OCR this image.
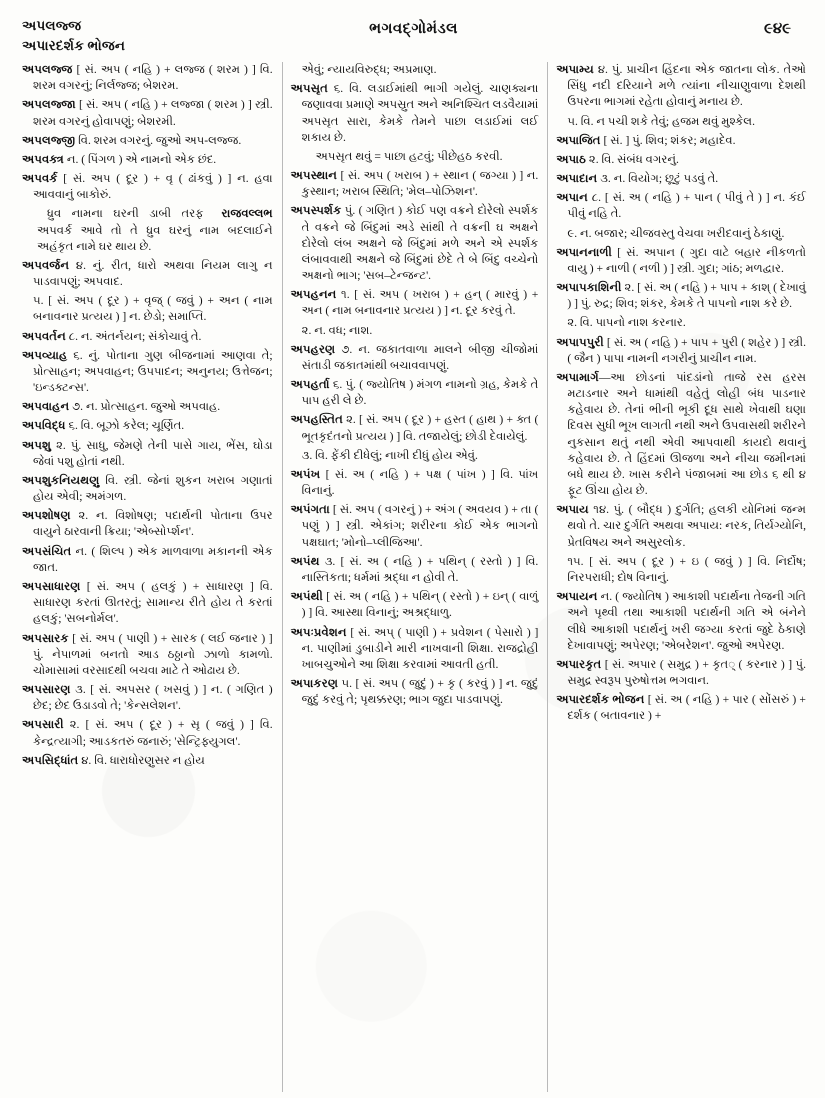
અપલજ્જ
અપારદર્શક ભોજન
ભગવદ્ગોમંડલ	૯૪૯

અપલજ્જ [ સં. અપ ( નહિ ) + લજ્જ ( શરમ ) ] વિ. શરમ વગરનું; નિર્લજ્જ; બેશરમ.

અપલજ્જા [ સં. અપ ( નહિ ) + લજ્જા ( શરમ ) ] સ્ત્રી. શરમ વગરનું હોવાપણું; બેશરમી.

અપલજ્જી વિ. શરમ વગરનું. જુઓ અપ-લજ્જ.

અપવક્ત્ર ન. ( પિંગળ ) એ નામનો એક છંદ.

અપવર્ક [ સં. અપ ( દૂર ) + વૃ ( ઢાંકવું ) ] ન. હવા આવવાનું બાકોરું.

રાજવલ્લભ
ધ્રુવ નામના ઘરની ડાબી તરફ અપવર્ક આવે તો તે ધ્રુવ ઘરનું નામ બદલાઈને અહંકૃત નામે ઘર થાય છે.

અપવર્જન ૪. નું. રીત, ધારો અથવા નિયમ લાગુ ન પાડવાપણું; અપવાદ.

૫. [ સં. અપ ( દૂર ) + વૃજ્ ( જવું ) + અન ( નામ બનાવનાર પ્રત્યય ) ] ન. છેડો; સમાપ્તિ.

અપવર્તન ૮. ન. અંતર્નયન; સંકોચાવું તે.

અપવ્યાહ ૬. નું. પોતાના ગુણ બીજનામાં આણવા તે; પ્રોત્સાહન; અપવાહન; ઉપપાદન; અનુનય; ઉત્તેજન; 'ઇન્ડક્ટન્સ'.

અપવાહન ૭. ન. પ્રોત્સાહન. જુઓ અપવાહ.

અપવિદ્ધ ૬. વિ. બૂઝો કરેલ; ચૂર્ણિત.

અપશુ ૨. પું. સાધુ, જેમણે તેની પાસે ગાય, ભેંસ, ઘોડા જેવાં પશુ હોતાં નથી.

અપશુકનિયથણુ વિ. સ્ત્રી. જેનાં શુકન ખરાબ ગણાતાં હોય એવી; અમંગળ.

અપશોષણ ૨. ન. વિશોષણ; પદાર્થની પોતાના ઉપર વાયુને ઠારવાની ક્રિયા; 'એબ્સોર્પ્શન'.

અપસંચિત ન. ( શિલ્પ ) એક માળવાળા મકાનની એક જાત.

અપસાધારણ [ સં. અપ ( હલકું ) + સાધારણ ] વિ. સાધારણ કરતાં ઊતરતું; સામાન્ય રીતે હોય તે કરતાં હલકું; 'સબનોર્મલ'.

અપસારક [ સં. અપ ( પાણી ) + સારક ( લઈ જનાર ) ] પું. નેપાળમાં બનતો આડ ઠઠ્ઠાનો ઝાળો કામળો. ચોમાસામાં વરસાદથી બચવા માટે તે ઓઢાય છે.

અપસારણ ૩. [ સં. અપસર ( ખસવું ) ] ન. ( ગણિત ) છેદ; છેદ ઉડાડવો તે; 'કેન્સલેશન'.

અપસારી ૨. [ સં. અપ ( દૂર ) + સૃ ( જવું ) ] વિ. કેન્દ્રત્યાગી; આડકતરું જનારું; 'સેન્ટ્રિફ્યુગલ'.

અપસિદ્ધાંત ૪. વિ. ધારાધોરણુસર ન હોય

એવું; ન્યાયવિરુદ્ધ; અપ્રમાણ.

અપસૃત ૬. વિ. લડાઈમાંથી ભાગી ગયેલું. ચાણક્યના જણાવવા પ્રમાણે અપસ્રુત અને અનિશ્ચિત લડવૈયામાં અપસૃત સારા, કેમકે તેમને પાછા લડાઈમાં લઈ શકાય છે.

અપસૃત થવું = પાછા હટવું; પીછેહઠ કરવી.

અપસ્થાન [ સં. અપ ( ખરાબ ) + સ્થાન ( જગ્યા ) ] ન. કુસ્થાન; ખરાબ સ્થિતિ; 'મેલ–પોઝિશન'.

અપસ્પર્શક પું. ( ગણિત ) કોઈ પણ વક્રને દોરેલો સ્પર્શક તે વક્રને જે બિંદુમાં અડે સાંથી તે વક્રની ઘ અક્ષને દોરેલો લંબ અક્ષને જે બિંદુમાં મળે અને એ સ્પર્શક લંબાવવાથી અક્ષને જે બિંદુમાં છેદે તે બે બિંદુ વચ્ચેનો અક્ષનો ભાગ; 'સબ–ટેન્જન્ટ'.

અપહનન ૧. [ સં. અપ ( ખરાબ ) + હન્ ( મારવું ) + અન ( નામ બનાવનાર પ્રત્યય ) ] ન. દૂર કરવું તે.

૨. ન. વધ; નાશ.

અપહરણ ૭. ન. જકાતવાળા માલને બીજી ચીજોમાં સંતાડી જકાતમાંથી બચાવવાપણું.

અપહર્તા ૬. પું. ( જ્યોતિષ ) મંગળ નામનો ગ્રહ, કેમકે તે પાપ હરી લે છે.

અપહસ્તિત ૨. [ સં. અપ ( દૂર ) + હસ્ત ( હાથ ) + ક્ત ( ભૂતકૃદંતનો પ્રત્યય ) ] વિ. તજાયેલું; છોડી દેવાયેલું.

૩. વિ. ફેંકી દીધેલું; નાખી દીધું હોય એવું.

અપંખ [ સં. અ ( નહિ ) + પક્ષ ( પાંખ ) ] વિ. પાંખ વિનાનું.

અપંગતા [ સં. અપ ( વગરનું ) + અંગ ( અવયવ ) + તા ( પણું ) ] સ્ત્રી. એકાંગ; શરીરના કોઈ એક ભાગનો પક્ષઘાત; 'મોનો–પ્લીજિઆ'.

અપંથ ૩. [ સં. અ ( નહિ ) + પથિન્ ( રસ્તો ) ] વિ. નાસ્તિકતા; ધર્મમાં શ્રદ્ધા ન હોવી તે.

અપંથી [ સં. અ ( નહિ ) + પથિન્ ( રસ્તો ) + ઇન્ ( વાળું ) ] વિ. આસ્થા વિનાનું; અશ્રદ્ધાળુ.

અપઃપ્રવેશન [ સં. અપ્ ( પાણી ) + પ્રવેશન ( પેસારો ) ] ન. પાણીમાં ડુબાડીને મારી નાખવાની શિક્ષા. રાજદ્રોહી ખાબચુઓને આ શિક્ષા કરવામાં આવતી હતી.

અપાકરણ ૫. [ સં. અપ ( જુદું ) + કૃ ( કરવું ) ] ન. જુદું જુદું કરવું તે; પૃથક્કરણ; ભાગ જુદા પાડવાપણું.

અપામ્ય ૪. પું. પ્રાચીન હિંદના એક જાતના લોક. તેઓ સિંધુ નદી દરિયાને મળે ત્યાંના નીચાણુવાળા દેશથી ઉપરના ભાગમાં રહેતા હોવાનું મનાય છે.

૫. વિ. ન પચી શકે તેવું; હજમ થવું મુશ્કેલ.

અપાજિત [ સં. ] પું. શિવ; શંકર; મહાદેવ.

અપાઠ ૨. વિ. સંબંધ વગરનું.

અપાદાન ૩. ન. વિયોગ; છૂટું પડવું તે.

અપાન ૮. [ સં. અ ( નહિ ) + પાન ( પીવું તે ) ] ન. કંઈ પીવું નહિ તે.

૯. ન. બજાર; ચીજવસ્તુ વેચવા ખરીદવાનું ઠેકાણું.

અપાનનાળી [ સં. અપાન ( ગુદા વાટે બહાર નીકળતો વાયુ ) + નાળી ( નળી ) ] સ્ત્રી. ગુદા; ગાંઠ; મળદ્વાર.

અપાપકાશિની ૨. [ સં. અ ( નહિ ) + પાપ + કાશ્ ( દેખાવું ) ] પું. રુદ્ર; શિવ; શંકર, કેમકે તે પાપનો નાશ કરે છે.

૨. વિ. પાપનો નાશ કરનાર.

અપાપપુરી [ સં. અ ( નહિ ) + પાપ + પુરી ( શહેર ) ] સ્ત્રી. ( જૈન ) પાપા નામની નગરીનું પ્રાચીન નામ.

અપામાર્ગ—આ છોડનાં પાંદડાંનો તાજે રસ હરસ મટાડનાર અને ધામાંથી વહેતું લોહી બંધ પાડનાર કહેવાય છે. તેનાં ભીની ભૂકી દૂધ સાથે ખેવાથી ઘણા દિવસ સુધી ભૂખ લાગતી નથી અને ઉપવાસથી શરીરને નુકસાન થતું નથી એવી આપવાથી કાયદો થવાનું કહેવાય છે. તે હિંદમાં ઊજળા અને નીચા જમીનમાં બધે થાય છે. ખાસ કરીને પંજાબમાં આ છોડ ૬ થી ૪ ફૂટ ઊંચા હોય છે.

અપાય ૧૪. પું. ( બૌદ્ધ ) દુર્ગતિ; હલકી યોનિમાં જન્મ થવો તે. ચાર દુર્ગતિ અથવા અપાય: નરક, તિર્યગ્યોનિ, પ્રેતવિષય અને અસુરલોક.

૧૫. [ સં. અપ ( દૂર ) + ઇ ( જવું ) ] વિ. નિર્દોષ; નિરપરાધી; દોષ વિનાનું.

અપાયન ન. ( જ્યોતિષ ) આકાશી પદાર્થના તેજની ગતિ અને પૃથ્વી તથા આકાશી પદાર્થની ગતિ એ બંનેને લીધે આકાશી પદાર્થનું ખરી જગ્યા કરતાં જુદે ઠેકાણે દેખાવાપણું; અપેરણ; 'એબરેશન'. જુઓ અપેરણ.

અપારકૃત [ સં. અપાર ( સમુદ્ર ) + કૃત् ( કરનાર ) ] પું. સમુદ્ર સ્વરૂપ પુરુષોત્તમ ભગવાન.

અપારદર્શક ભોજન [ સં. અ ( નહિ ) + પાર ( સોંસરું ) + દર્શક ( બતાવનાર ) +
